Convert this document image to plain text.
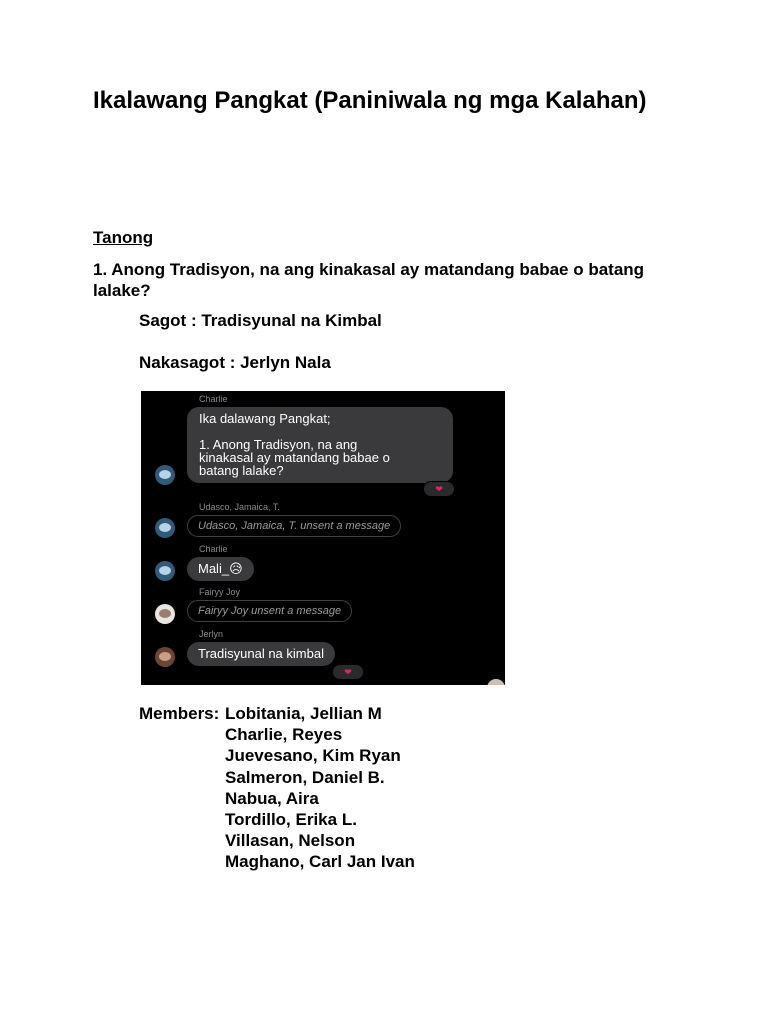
Ikalawang Pangkat (Paniniwala ng mga Kalahan)
Tanong

1. Anong Tradisyon, na ang kinakasal ay matandang babae o batang lalake?

Sagot : Tradisyunal na Kimbal

Nakasagot : Jerlyn Nala

Charlie
Ika dalawang Pangkat;
1. Anong Tradisyon, na ang
kinakasal ay matandang babae o
batang lalake?
❤
Udasco, Jamaica, T.
Udasco, Jamaica, T. unsent a message
Charlie
Mali_😥
Fairyy Joy
Fairyy Joy unsent a message
Jerlyn
Tradisyunal na kimbal
❤
Members: Lobitania, Jellian M
Charlie, Reyes
Juevesano, Kim Ryan
Salmeron, Daniel B.
Nabua, Aira
Tordillo, Erika L.
Villasan, Nelson
Maghano, Carl Jan Ivan
